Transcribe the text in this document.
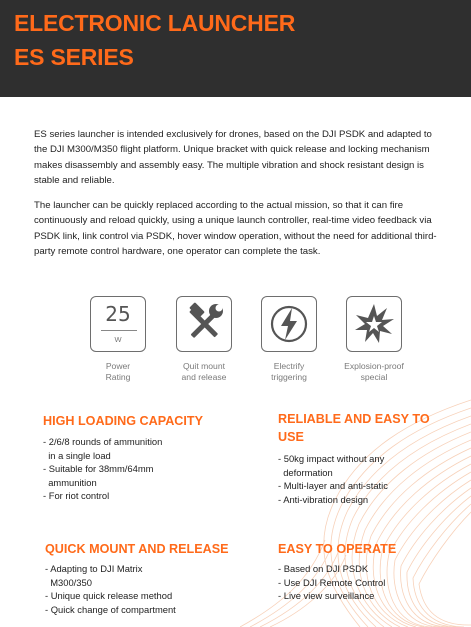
ELECTRONIC LAUNCHER
ES SERIES

ES series launcher is intended exclusively for drones, based on the DJI PSDK and adapted to the DJI M300/M350 flight platform. Unique bracket with quick release and locking mechanism makes disassembly and assembly easy. The multiple vibration and shock resistant design is stable and reliable.

The launcher can be quickly replaced according to the actual mission, so that it can fire continuously and reload quickly, using a unique launch controller, real-time video feedback via PSDK link, link control via PSDK, hover window operation, without the need for additional third-party remote control hardware, one operator can complete the task.

25
W
Power
Rating
Quit mount
and release
Electrify
triggering
Explosion-proof
special
HIGH LOADING CAPACITY
- 2/6/8 rounds of ammunition
in a single load
- Suitable for 38mm/64mm
ammunition
- For riot control
RELIABLE AND EASY TO
USE
- 50kg impact without any
deformation
- Multi-layer and anti-static
- Anti-vibration design
QUICK MOUNT AND RELEASE
- Adapting to DJI Matrix
M300/350
- Unique quick release method
- Quick change of compartment
EASY TO OPERATE
- Based on DJI PSDK
- Use DJI Remote Control
- Live view surveillance
